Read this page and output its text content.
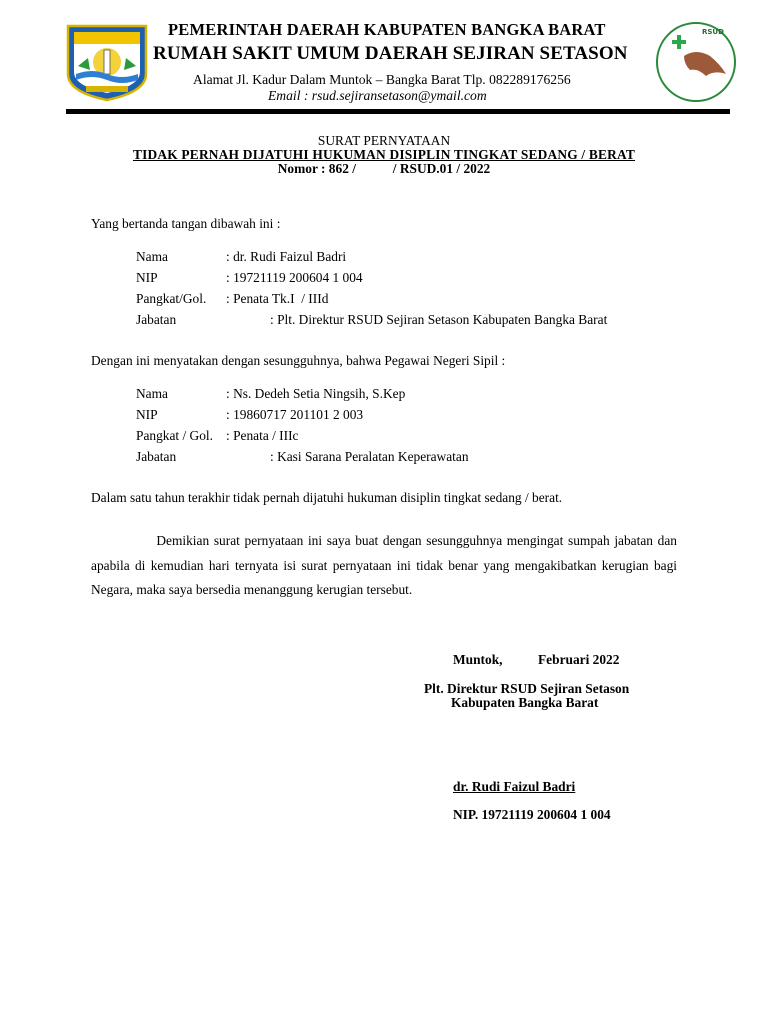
RSUD
PEMERINTAH DAERAH KABUPATEN BANGKA BARAT
RUMAH SAKIT UMUM DAERAH SEJIRAN SETASON
Alamat Jl. Kadur Dalam Muntok – Bangka Barat Tlp. 082289176256
Email : rsud.sejiransetason@ymail.com
SURAT PERNYATAAN
TIDAK PERNAH DIJATUHI HUKUMAN DISIPLIN TINGKAT SEDANG / BERAT
Nomor : 862 /           / RSUD.01 / 2022
Yang bertanda tangan dibawah ini :
Nama	: dr. Rudi Faizul Badri
NIP	: 19721119 200604 1 004
Pangkat/Gol. : Penata Tk.I  / IIId
Jabatan	: Plt. Direktur RSUD Sejiran Setason Kabupaten Bangka Barat
Dengan ini menyatakan dengan sesungguhnya, bahwa Pegawai Negeri Sipil :
Nama	: Ns. Dedeh Setia Ningsih, S.Kep
NIP	: 19860717 201101 2 003
Pangkat / Gol. : Penata / IIIc
Jabatan	: Kasi Sarana Peralatan Keperawatan
Dalam satu tahun terakhir tidak pernah dijatuhi hukuman disiplin tingkat sedang / berat.
Demikian surat pernyataan ini saya buat dengan sesungguhnya mengingat sumpah jabatan dan apabila di kemudian hari ternyata isi surat pernyataan ini tidak benar yang mengakibatkan kerugian bagi Negara, maka saya bersedia menanggung kerugian tersebut.
Muntok,	Februari 2022
Plt. Direktur RSUD Sejiran Setason
Kabupaten Bangka Barat
dr. Rudi Faizul Badri
NIP. 19721119 200604 1 004
